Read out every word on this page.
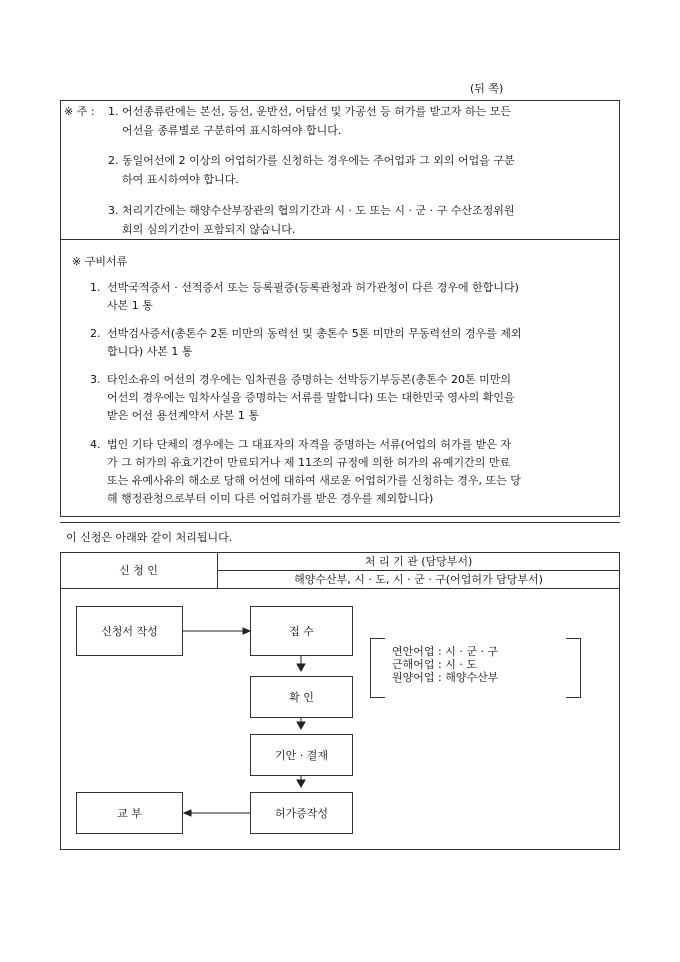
(뒤 쪽)
※ 주 : 1. 어선종류란에는 본선, 등선, 운반선, 어탐선 및 가공선 등 허가를 받고자 하는 모든
어선을 종류별로 구분하여 표시하여야 합니다.
2. 동일어선에 2 이상의 어업허가를 신청하는 경우에는 주어업과 그 외의 어업을 구분
하여 표시하여야 합니다.
3. 처리기간에는 해양수산부장관의 협의기간과 시 · 도 또는 시 · 군 · 구 수산조정위원
회의 심의기간이 포함되지 않습니다.
※ 구비서류
1. 선박국적증서 · 선적증서 또는 등록필증(등록관청과 허가관청이 다른 경우에 한합니다)
사본 1 통
2. 선박검사증서(총톤수 2톤 미만의 동력선 및 총톤수 5톤 미만의 무동력선의 경우를 제외
합니다) 사본 1 통
3. 타인소유의 어선의 경우에는 임차권을 증명하는 선박등기부등본(총톤수 20톤 미만의
어선의 경우에는 임차사실을 증명하는 서류를 말합니다) 또는 대한민국 영사의 확인을
받은 어선 용선계약서 사본 1 통
4. 법인 기타 단체의 경우에는 그 대표자의 자격을 증명하는 서류(어업의 허가를 받은 자
가 그 허가의 유효기간이 만료되거나 제 11조의 규정에 의한 허가의 유예기간의 만료
또는 유예사유의 해소로 당해 어선에 대하여 새로운 어업허가를 신청하는 경우, 또는 당
해 행정관청으로부터 이미 다른 어업허가를 받은 경우를 제외합니다)
이 신청은 아래와 같이 처리됩니다.
신 청 인
처 리 기 관 (담당부서)
해양수산부, 시 · 도, 시 · 군 · 구(어업허가 담당부서)
신청서 작성	접 수
확 인
기안 · 결재
허가증작성
교 부
연안어업 : 시 · 군 · 구
근해어업 : 시 · 도
원양어업 : 해양수산부
